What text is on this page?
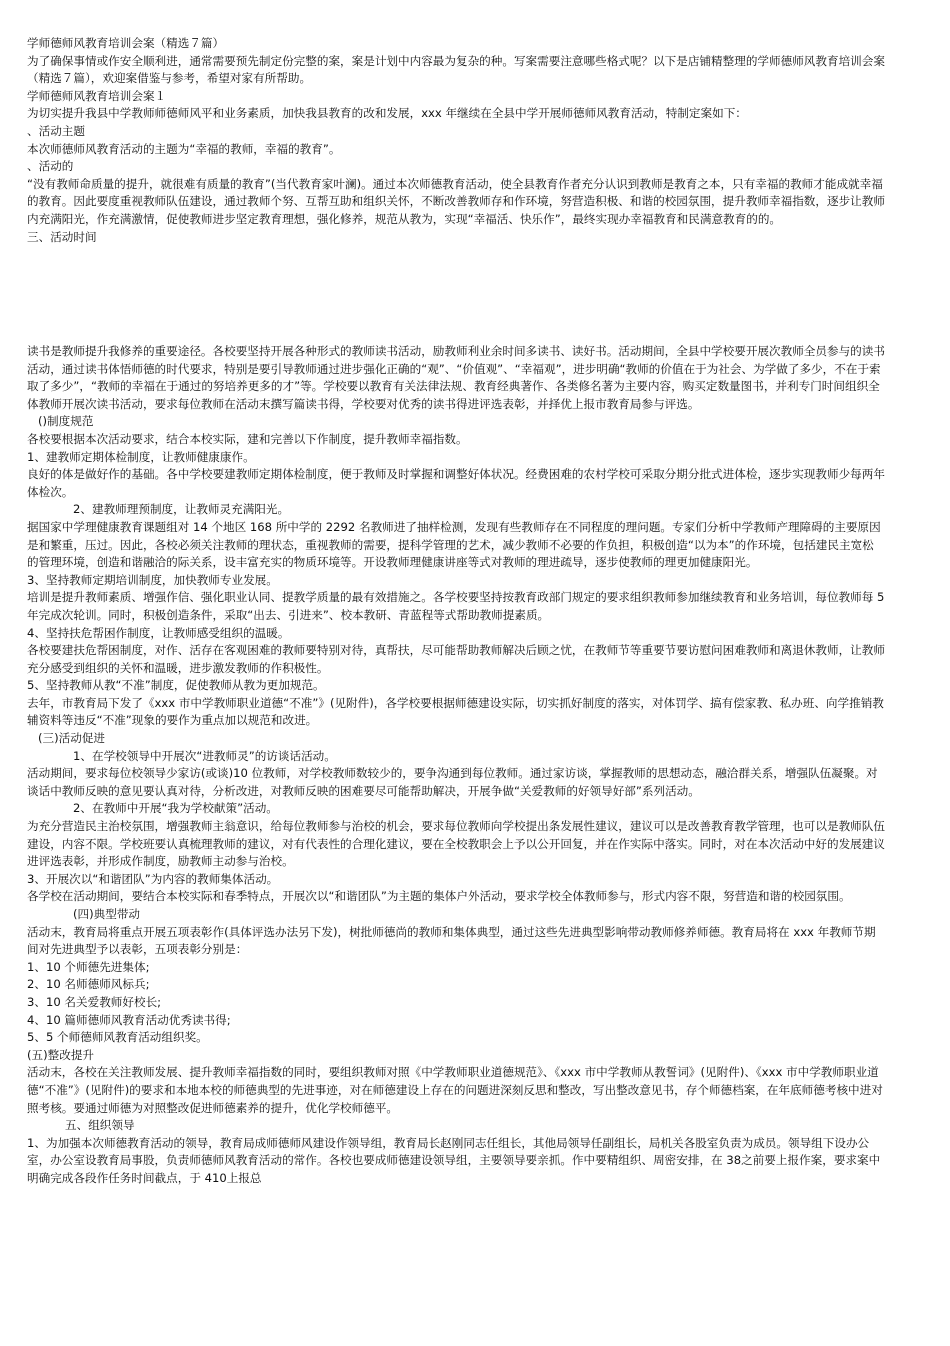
学师德师风教育培训会案（精选７篇）

为了确保事情或作安全顺利进，通常需要预先制定份完整的案，案是计划中内容最为复杂的种。写案需要注意哪些格式呢？以下是店铺精整理的学师德师风教育培训会案（精选７篇），欢迎案借鉴与参考，希望对家有所帮助。

学师德师风教育培训会案１

为切实提升我县中学教师师德师风平和业务素质，加快我县教育的改和发展，xxx 年继续在全县中学开展师德师风教育活动，特制定案如下：

、活动主题

本次师德师风教育活动的主题为“幸福的教师，幸福的教育”。

、活动的

“没有教师命质量的提升，就很难有质量的教育”(当代教育家叶澜)。通过本次师德教育活动，使全县教育作者充分认识到教师是教育之本，只有幸福的教师才能成就幸福的教育。因此要度重视教师队伍建设，通过教师个努、互帮互助和组织关怀，不断改善教师存和作环境，努营造积极、和谐的校园氛围，提升教师幸福指数，逐步让教师内充满阳光，作充满激情，促使教师进步坚定教育理想，强化修养，规范从教为，实现“幸福活、快乐作”，最终实现办幸福教育和民满意教育的的。

三、活动时间

读书是教师提升我修养的重要途径。各校要坚持开展各种形式的教师读书活动，励教师利业余时间多读书、读好书。活动期间，全县中学校要开展次教师全员参与的读书活动，通过读书体悟师德的时代要求，特别是要引导教师通过进步强化正确的“观”、“价值观”、“幸福观”，进步明确“教师的价值在于为社会、为学做了多少，不在于索取了多少”，“教师的幸福在于通过的努培养更多的才”等。学校要以教育有关法律法规、教育经典著作、各类修名著为主要内容，购买定数量图书，并利专门时间组织全体教师开展次读书活动，要求每位教师在活动末撰写篇读书得，学校要对优秀的读书得进评选表彰，并择优上报市教育局参与评选。

()制度规范

各校要根据本次活动要求，结合本校实际，建和完善以下作制度，提升教师幸福指数。

1、建教师定期体检制度，让教师健康康作。

良好的体是做好作的基础。各中学校要建教师定期体检制度，便于教师及时掌握和调整好体状况。经费困难的农村学校可采取分期分批式进体检，逐步实现教师少每两年体检次。

2、建教师理预制度，让教师灵充满阳光。

据国家中学理健康教育课题组对 14 个地区 168 所中学的 2292 名教师进了抽样检测，发现有些教师存在不同程度的理问题。专家们分析中学教师产理障碍的主要原因是和繁重，压过。因此，各校必须关注教师的理状态，重视教师的需要，提科学管理的艺术，减少教师不必要的作负担，积极创造“以为本”的作环境，包括建民主宽松的管理环境，创造和谐融洽的际关系，设丰富充实的物质环境等。开设教师理健康讲座等式对教师的理进疏导，逐步使教师的理更加健康阳光。

3、坚持教师定期培训制度，加快教师专业发展。

培训是提升教师素质、增强作信、强化职业认同、提教学质量的最有效措施之。各学校要坚持按教育政部门规定的要求组织教师参加继续教育和业务培训，每位教师每 5 年完成次轮训。同时，积极创造条件，采取“出去、引进来”、校本教研、青蓝程等式帮助教师提素质。

4、坚持扶危帮困作制度，让教师感受组织的温暖。

各校要建扶危帮困制度，对作、活存在客观困难的教师要特别对待，真帮扶，尽可能帮助教师解决后顾之忧，在教师节等重要节要访慰问困难教师和离退休教师，让教师充分感受到组织的关怀和温暖，进步激发教师的作积极性。

5、坚持教师从教“不准”制度，促使教师从教为更加规范。

去年，市教育局下发了《xxx 市中学教师职业道德“不准”》(见附件)，各学校要根据师德建设实际，切实抓好制度的落实，对体罚学、搞有偿家教、私办班、向学推销教辅资料等违反“不准”现象的要作为重点加以规范和改进。

(三)活动促进

1、在学校领导中开展次“进教师灵”的访谈话活动。

活动期间，要求每位校领导少家访(或谈)10 位教师，对学校教师数较少的，要争沟通到每位教师。通过家访谈，掌握教师的思想动态，融洽群关系，增强队伍凝聚。对谈话中教师反映的意见要认真对待，分析改进，对教师反映的困难要尽可能帮助解决，开展争做“关爱教师的好领导好部”系列活动。

2、在教师中开展“我为学校献策”活动。

为充分营造民主治校氛围，增强教师主翁意识，给每位教师参与治校的机会，要求每位教师向学校提出条发展性建议，建议可以是改善教育教学管理，也可以是教师队伍建设，内容不限。学校班要认真梳理教师的建议，对有代表性的合理化建议，要在全校教职会上予以公开回复，并在作实际中落实。同时，对在本次活动中好的发展建议进评选表彰，并形成作制度，励教师主动参与治校。

3、开展次以“和谐团队”为内容的教师集体活动。

各学校在活动期间，要结合本校实际和春季特点，开展次以“和谐团队”为主题的集体户外活动，要求学校全体教师参与，形式内容不限，努营造和谐的校园氛围。

(四)典型带动

活动末，教育局将重点开展五项表彰作(具体评选办法另下发)，树批师德尚的教师和集体典型，通过这些先进典型影响带动教师修养师德。教育局将在 xxx 年教师节期间对先进典型予以表彰，五项表彰分别是：

1、10 个师德先进集体;

2、10 名师德师风标兵;

3、10 名关爱教师好校长;

4、10 篇师德师风教育活动优秀读书得;

5、5 个师德师风教育活动组织奖。

(五)整改提升

活动末，各校在关注教师发展、提升教师幸福指数的同时，要组织教师对照《中学教师职业道德规范》、《xxx 市中学教师从教誓词》(见附件)、《xxx 市中学教师职业道德“不准”》(见附件)的要求和本地本校的师德典型的先进事迹，对在师德建设上存在的问题进深刻反思和整改，写出整改意见书，存个师德档案，在年底师德考核中进对照考核。要通过师德为对照整改促进师德素养的提升，优化学校师德平。

五、组织领导

1、为加强本次师德教育活动的领导，教育局成师德师风建设作领导组，教育局长赵刚同志任组长，其他局领导任副组长，局机关各股室负责为成员。领导组下设办公室，办公室设教育局事股，负责师德师风教育活动的常作。各校也要成师德建设领导组，主要领导要亲抓。作中要精组织、周密安排，在 38之前要上报作案，要求案中明确完成各段作任务时间截点，于 410上报总
